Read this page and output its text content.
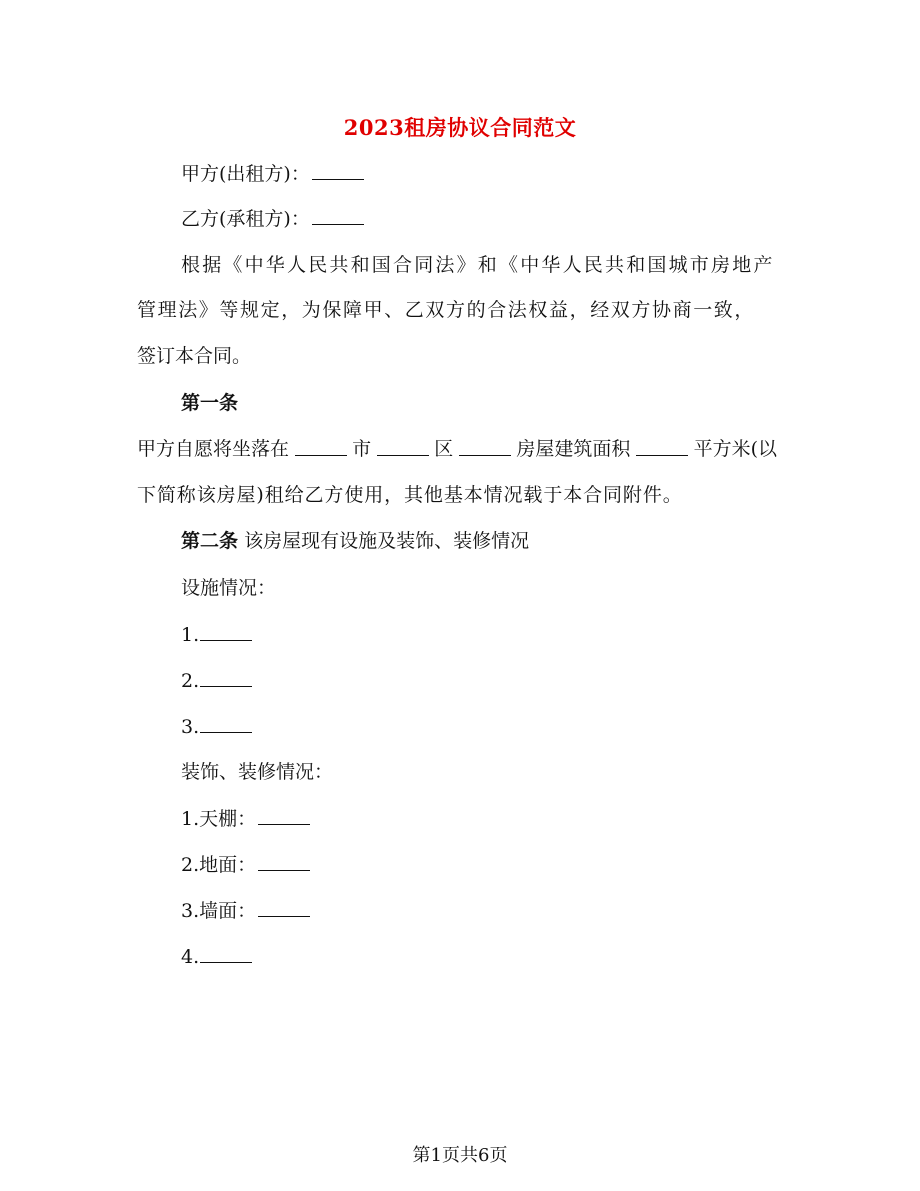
2023租房协议合同范文
甲方(出租方)：
乙方(承租方)：
根据《中华人民共和国合同法》和《中华人民共和国城市房地产
管理法》等规定，为保障甲、乙双方的合法权益，经双方协商一致，
签订本合同。
第一条
甲方自愿将坐落在	市	区	房屋建筑面积	平方米(以
下简称该房屋)租给乙方使用，其他基本情况载于本合同附件。
第二条 该房屋现有设施及装饰、装修情况
设施情况：
1.
2.
3.
装饰、装修情况：
1.天棚：
2.地面：
3.墙面：
4.
第1页共6页
